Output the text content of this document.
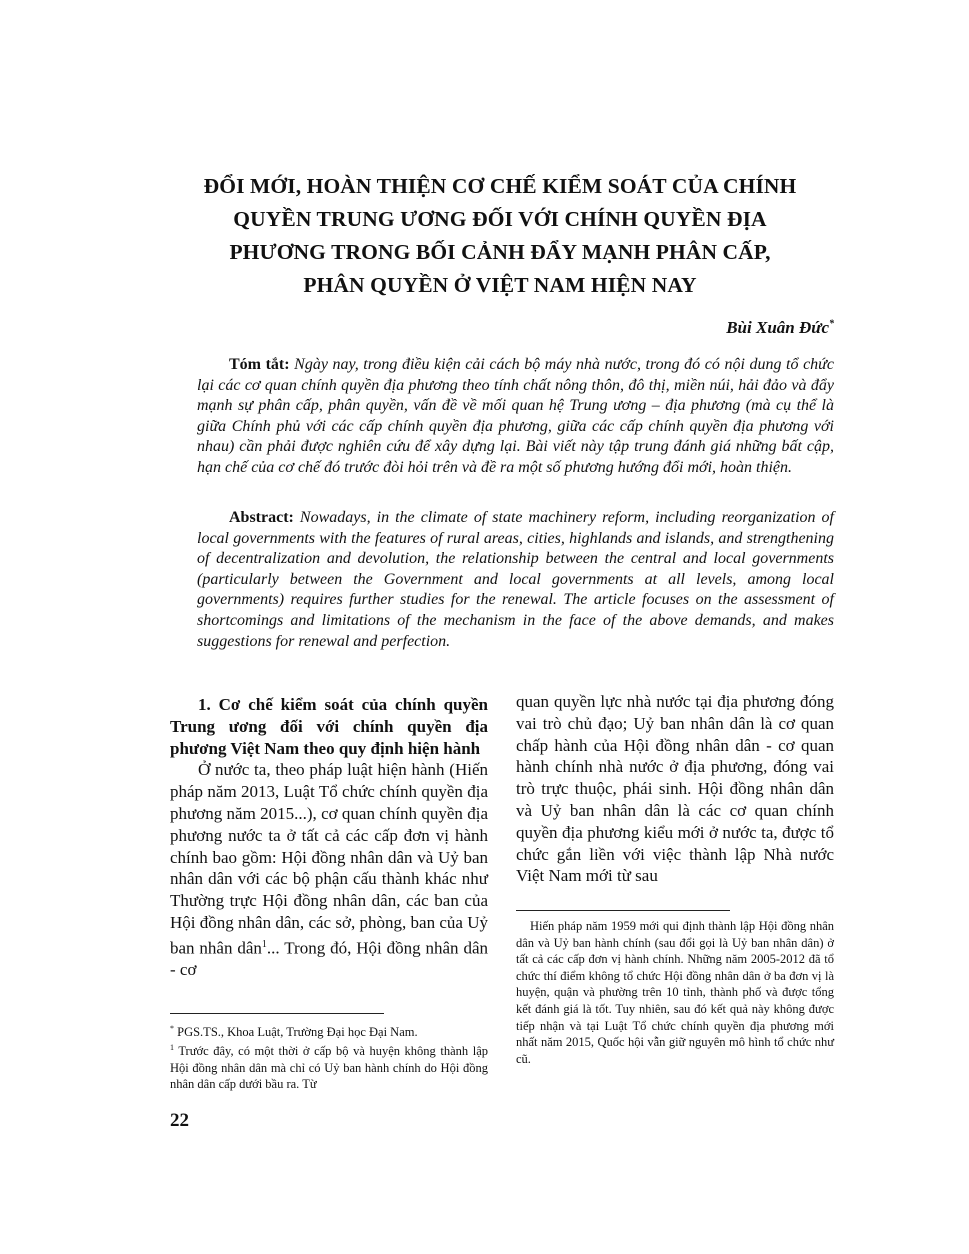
ĐỔI MỚI, HOÀN THIỆN CƠ CHẾ KIỂM SOÁT CỦA CHÍNH
QUYỀN TRUNG ƯƠNG ĐỐI VỚI CHÍNH QUYỀN ĐỊA
PHƯƠNG TRONG BỐI CẢNH ĐẨY MẠNH PHÂN CẤP,
PHÂN QUYỀN Ở VIỆT NAM HIỆN NAY
Bùi Xuân Đức*

Tóm tắt: Ngày nay, trong điều kiện cải cách bộ máy nhà nước, trong đó có nội dung tổ chức lại các cơ quan chính quyền địa phương theo tính chất nông thôn, đô thị, miền núi, hải đảo và đẩy mạnh sự phân cấp, phân quyền, vấn đề về mối quan hệ Trung ương – địa phương (mà cụ thể là giữa Chính phủ với các cấp chính quyền địa phương, giữa các cấp chính quyền địa phương với nhau) cần phải được nghiên cứu để xây dựng lại. Bài viết này tập trung đánh giá những bất cập, hạn chế của cơ chế đó trước đòi hỏi trên và đề ra một số phương hướng đổi mới, hoàn thiện.

Abstract: Nowadays, in the climate of state machinery reform, including reorganization of local governments with the features of rural areas, cities, highlands and islands, and strengthening of decentralization and devolution, the relationship between the central and local governments (particularly between the Government and local governments at all levels, among local governments) requires further studies for the renewal. The article focuses on the assessment of shortcomings and limitations of the mechanism in the face of the above demands, and makes suggestions for renewal and perfection.

1. Cơ chế kiểm soát của chính quyền Trung ương đối với chính quyền địa phương Việt Nam theo quy định hiện hành

Ở nước ta, theo pháp luật hiện hành (Hiến pháp năm 2013, Luật Tổ chức chính quyền địa phương năm 2015...), cơ quan chính quyền địa phương nước ta ở tất cả các cấp đơn vị hành chính bao gồm: Hội đồng nhân dân và Uỷ ban nhân dân với các bộ phận cấu thành khác như Thường trực Hội đồng nhân dân, các ban của Hội đồng nhân dân, các sở, phòng, ban của Uỷ ban nhân dân$^1$... Trong đó, Hội đồng nhân dân - cơ

quan quyền lực nhà nước tại địa phương đóng vai trò chủ đạo; Uỷ ban nhân dân là cơ quan chấp hành của Hội đồng nhân dân - cơ quan hành chính nhà nước ở địa phương, đóng vai trò trực thuộc, phái sinh. Hội đồng nhân dân và Uỷ ban nhân dân là các cơ quan chính quyền địa phương kiểu mới ở nước ta, được tổ chức gắn liền với việc thành lập Nhà nước Việt Nam mới từ sau

* PGS.TS., Khoa Luật, Trường Đại học Đại Nam.

$^1$ Trước đây, có một thời ở cấp bộ và huyện không thành lập Hội đồng nhân dân mà chỉ có Uỷ ban hành chính do Hội đồng nhân dân cấp dưới bầu ra. Từ

Hiến pháp năm 1959 mới qui định thành lập Hội đồng nhân dân và Uỷ ban hành chính (sau đổi gọi là Uỷ ban nhân dân) ở tất cả các cấp đơn vị hành chính. Những năm 2005-2012 đã tổ chức thí điểm không tổ chức Hội đồng nhân dân ở ba đơn vị là huyện, quận và phường trên 10 tỉnh, thành phố và được tổng kết đánh giá là tốt. Tuy nhiên, sau đó kết quả này không được tiếp nhận và tại Luật Tổ chức chính quyền địa phương mới nhất năm 2015, Quốc hội vẫn giữ nguyên mô hình tổ chức như cũ.

22
